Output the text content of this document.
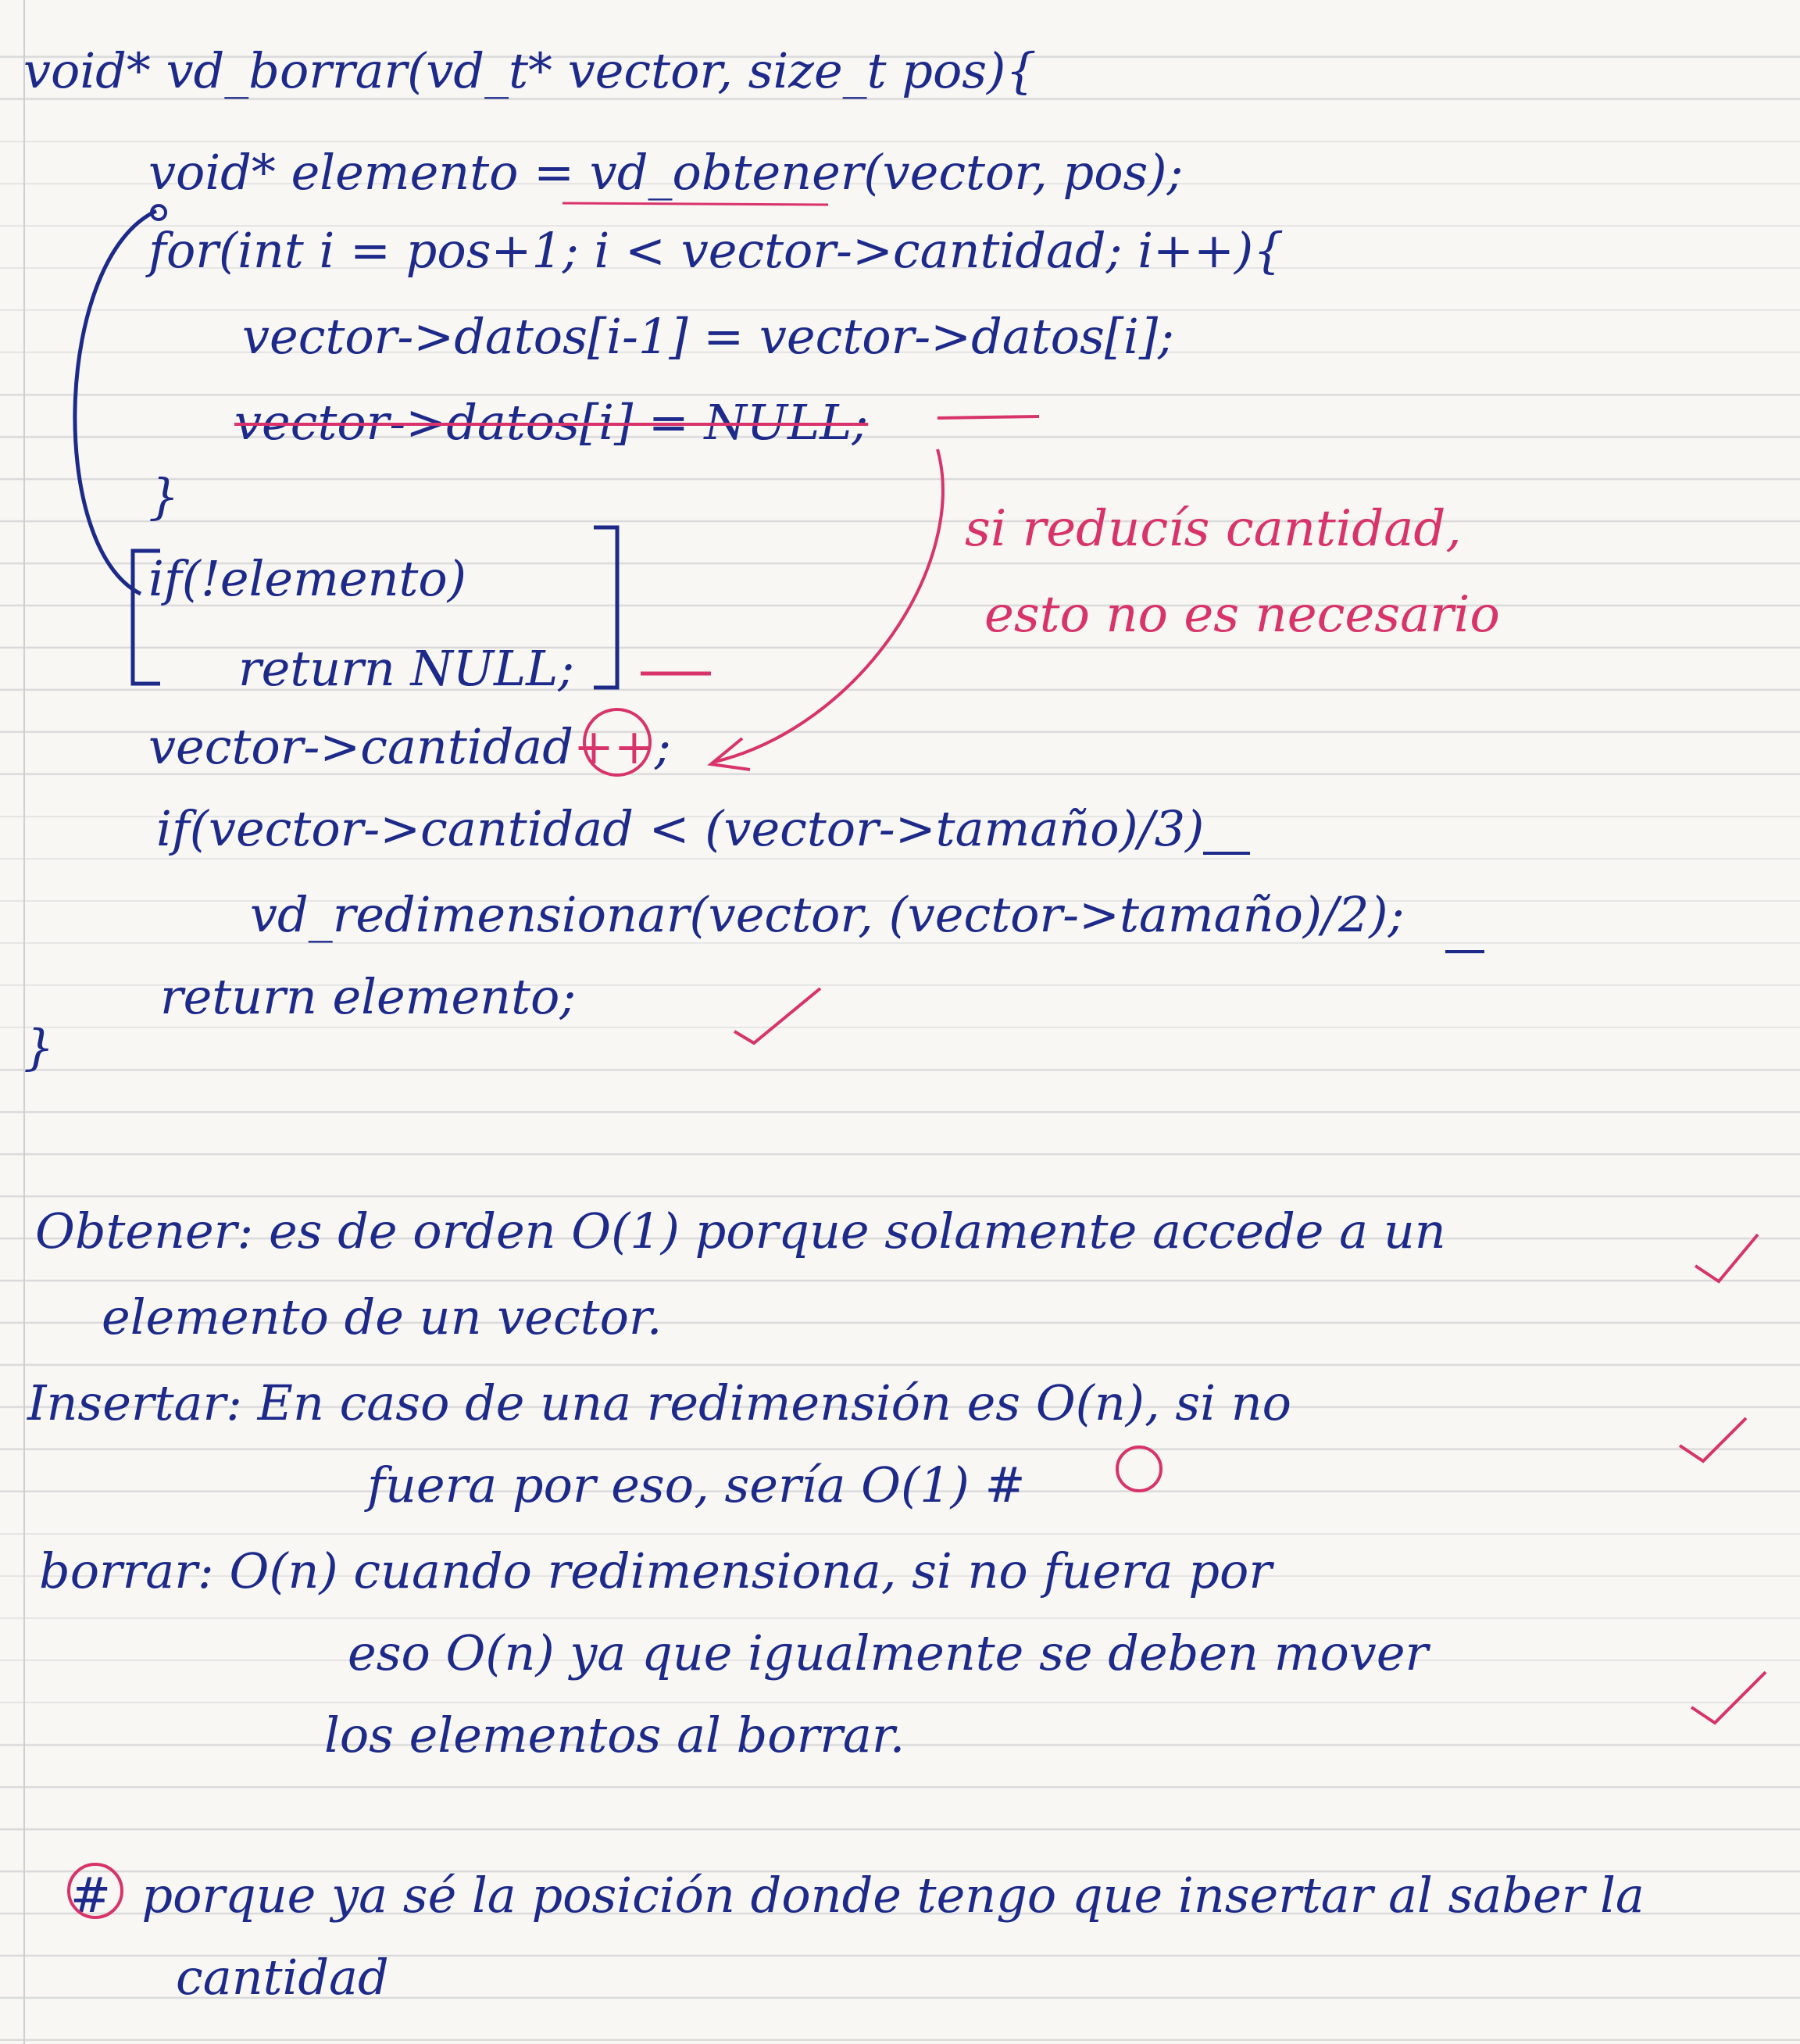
void* vd_borrar(vd_t* vector, size_t pos){
void* elemento = vd_obtener(vector, pos);
for(int i = pos+1; i < vector->cantidad; i++){
vector->datos[i-1] = vector->datos[i];
vector->datos[i] = NULL;
}
if(!elemento)
return NULL;
vector->cantidad++;
if(vector->cantidad < (vector->tamaño)/3)
vd_redimensionar(vector, (vector->tamaño)/2);
return elemento;
}
si reducís cantidad,
esto no es necesario
Obtener: es de orden O(1) porque solamente accede a un
elemento de un vector.
Insertar: En caso de una redimensión es O(n), si no
fuera por eso, sería O(1) #
borrar: O(n) cuando redimensiona, si no fuera por
eso O(n) ya que igualmente se deben mover
los elementos al borrar.
# porque ya sé la posición donde tengo que insertar al saber la
cantidad
